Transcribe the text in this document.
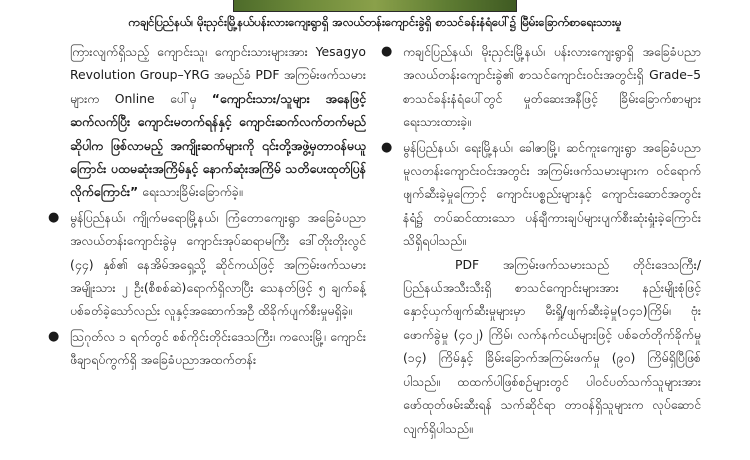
ကချင်ပြည်နယ်၊ မိုးညှင်းမြို့နယ်ပန်းလားကျေးရွာရှိ အလယ်တန်းကျောင်းခွဲရှိ စာသင်ခန်းနံရံပေါ်၌ မြီမ်းခြောက်စာရေးသားမှု

ကြားလျက်ရှိသည့် ကျောင်းသူ၊ ကျောင်းသားများအား Yesagyo Revolution Group–YRG အမည်ခံ PDF အကြမ်းဖက်သမားများက Online ပေါ်မှ “ကျောင်းသား/သူများ အနေဖြင့် ဆက်လက်ပြီး ကျောင်းမတက်ရန်နှင့် ကျောင်းဆက်လက်တက်မည်ဆိုပါက ဖြစ်လာမည့် အကျိုးဆက်များကို ၎င်းတို့အဖွဲ့မှတာဝန်မယူကြောင်း ပထမဆုံးအကြိမ်နှင့် နောက်ဆုံးအကြိမ် သတိပေးထုတ်ပြန်လိုက်ကြောင်း” ရေးသားခြိမ်းခြောက်ခဲ့။

● မွန်ပြည်နယ်၊ ကျိုက်မရောမြို့နယ်၊ ကြံတောကျေးရွာ အခြေခံပညာအလယ်တန်းကျောင်းခွဲမှ ကျောင်းအုပ်ဆရာမကြီး ဒေါ်တိုးတိုးလွင် (၄၄) နှစ်၏ နေအိမ်အရှေ့သို့ ဆိုင်ကယ်ဖြင့် အကြမ်းဖက်သမားအမျိုးသား ၂ ဦး(စီစစ်ဆဲ)ရောက်ရှိလာပြီး သေနတ်ဖြင့် ၅ ချက်ခန့်ပစ်ခတ်ခဲ့သော်လည်း လူနှင့်အဆောက်အဦ ထိခိုက်ပျက်စီးမှုမရှိခဲ့။

● ဩဂုတ်လ ၁ ရက်တွင် စစ်ကိုင်းတိုင်းဒေသကြီး၊ ကလေးမြို့၊ ကျောင်းဖီချာရပ်ကွက်ရှိ အခြေခံပညာအထက်တန်း

● ကချင်ပြည်နယ်၊ မိုးညှင်းမြို့နယ်၊ ပန်းလားကျေးရွာရှိ အခြေခံပညာအလယ်တန်းကျောင်းခွဲ၏ စာသင်ကျောင်းဝင်းအတွင်းရှိ Grade–5 စာသင်ခန်းနံရံပေါ်တွင် မှုတ်ဆေးအနီဖြင့် ခြိမ်းခြောက်စာများ ရေးသားထားခဲ့။

● မွန်ပြည်နယ်၊ ရေးမြို့နယ်၊ ခေါဇာမြို့၊ ဆင်ကူးကျေးရွာ အခြေခံပညာမူလတန်းကျောင်းဝင်းအတွင်း အကြမ်းဖက်သမားများက ဝင်ရောက်ဖျက်ဆီးခဲ့မှုကြောင့် ကျောင်းပစ္စည်းများနှင့် ကျောင်းဆောင်အတွင်းနံရံ၌ တပ်ဆင်ထားသော ပန်ချီကားချပ်များပျက်စီးဆုံးရှုံးခဲ့ကြောင်း သိရှိရပါသည်။

PDF အကြမ်းဖက်သမားသည် တိုင်းဒေသကြီး/ပြည်နယ်အသီးသီးရှိ စာသင်ကျောင်းများအား နည်းမျိုးစုံဖြင့် နှောင့်ယှက်ဖျက်ဆီးမှုများမှာ မီးရှို့/ဖျက်ဆီးခဲ့မှု(၁၄၁)ကြိမ်၊ ဗုံးဖောက်ခွဲမှု (၄၀၂) ကြိမ်၊ လက်နက်ငယ်များဖြင့် ပစ်ခတ်တိုက်ခိုက်မှု (၁၄) ကြိမ်နှင့် ခြိမ်းခြောက်အကြမ်းဖက်မှု (၉၀) ကြိမ်ရှိပြီဖြစ်ပါသည်။ ထထက်ပါဖြစ်စဉ်များတွင် ပါဝင်ပတ်သက်သူများအား ဖော်ထုတ်ဖမ်းဆီးရန် သက်ဆိုင်ရာ တာဝန်ရှိသူများက လုပ်ဆောင်လျက်ရှိပါသည်။
